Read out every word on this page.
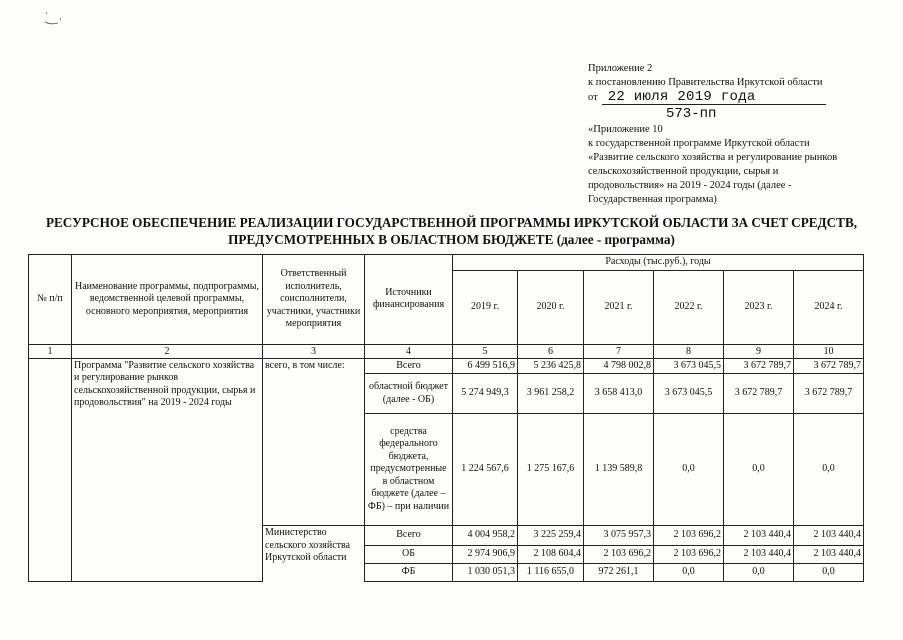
Приложение 2
к постановлению Правительства Иркутской области
от 22 июля 2019 года
573-пп
«Приложение 10
к государственной программе Иркутской области
«Развитие сельского хозяйства и регулирование рынков
сельскохозяйственной продукции, сырья и
продовольствия» на 2019 - 2024 годы (далее -
Государственная программа)
РЕСУРСНОЕ ОБЕСПЕЧЕНИЕ РЕАЛИЗАЦИИ ГОСУДАРСТВЕННОЙ ПРОГРАММЫ ИРКУТСКОЙ ОБЛАСТИ ЗА СЧЕТ СРЕДСТВ,
ПРЕДУСМОТРЕННЫХ В ОБЛАСТНОМ БЮДЖЕТЕ (далее - программа)
№ п/п	Наименование программы, подпрограммы, ведомственной целевой программы, основного мероприятия, мероприятия	Ответственный исполнитель, соисполнители, участники, участники мероприятия	Источники финансирования	Расходы (тыс.руб.), годы					
				2019 г.	2020 г.	2021 г.	2022 г.	2023 г.	2024 г.
1	2	3	4	5	6	7	8	9	10
	Программа "Развитие сельского хозяйства и регулирование рынков сельскохозяйственной продукции, сырья и продовольствия" на 2019 - 2024 годы	всего, в том числе:	Всего	6 499 516,9	5 236 425,8	4 798 002,8	3 673 045,5	3 672 789,7	3 672 789,7
			областной бюджет (далее - ОБ)	5 274 949,3	3 961 258,2	3 658 413,0	3 673 045,5	3 672 789,7	3 672 789,7
			средства федерального бюджета, предусмотренные в областном бюджете (далее – ФБ) – при наличии	1 224 567,6	1 275 167,6	1 139 589,8	0,0	0,0	0,0
		Министерство сельского хозяйства Иркутской области	Всего	4 004 958,2	3 225 259,4	3 075 957,3	2 103 696,2	2 103 440,4	2 103 440,4
			ОБ	2 974 906,9	2 108 604,4	2 103 696,2	2 103 696,2	2 103 440,4	2 103 440,4
			ФБ	1 030 051,3	1 116 655,0	972 261,1	0,0	0,0	0,0
